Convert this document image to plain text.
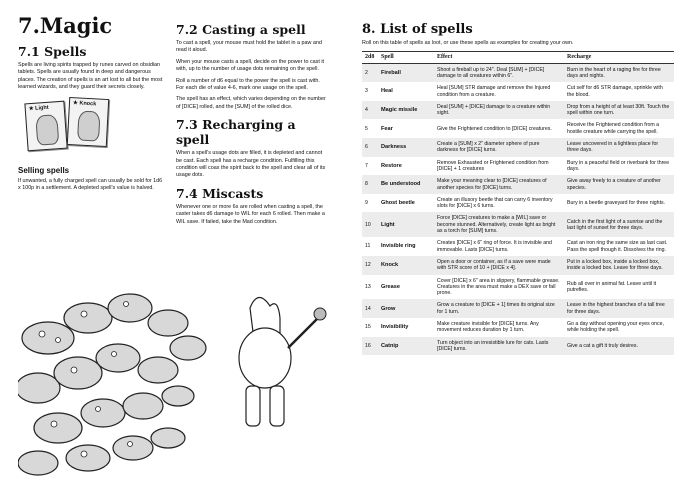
7.Magic
7.1 Spells

Spells are living spirits trapped by runes carved on obsidian tablets. Spells are usually found in deep and dangerous places. The creation of spells is an art lost to all but the most learned wizards, and they guard their secrets closely.

★ Light
★ Knock
Selling spells

If unwanted, a fully charged spell can usually be sold for 1d6 x 100p in a settlement. A depleted spell's value is halved.

7.2 Casting a spell

To cast a spell, your mouse must hold the tablet in a paw and read it aloud.

When your mouse casts a spell, decide on the power to cast it with, up to the number of usage dots remaining on the spell.

Roll a number of d6 equal to the power the spell is cast with. For each die of value 4-6, mark one usage on the spell.

The spell has an effect, which varies depending on the number of [DICE] rolled, and the [SUM] of the rolled dice.

7.3 Recharging a spell

When a spell's usage dots are filled, it is depleted and cannot be cast. Each spell has a recharge condition. Fulfilling this condition will coax the spirit back to the spell and clear all of its usage dots.

7.4 Miscasts

Whenever one or more 6s are rolled when casting a spell, the caster takes d6 damage to WIL for each 6 rolled. Then make a WIL save. If failed, take the Mad condition.

8. List of spells

Roll on this table of spells as loot, or use these spells as examples for creating your own.

2d8	Spell	Effect	Recharge
2	Fireball	Shoot a fireball up to 24". Deal [SUM] + [DICE] damage to all creatures within 6".	Burn in the heart of a raging fire for three days and nights.
3	Heal	Heal [SUM] STR damage and remove the Injured condition from a creature.	Cut self for d6 STR damage, sprinkle with the blood.
4	Magic missile	Deal [SUM] + [DICE] damage to a creature within sight.	Drop from a height of at least 30ft. Touch the spell within one turn.
5	Fear	Give the Frightened condition to [DICE] creatures.	Receive the Frightened condition from a hostile creature while carrying the spell.
6	Darkness	Create a [SUM] x 2" diameter sphere of pure darkness for [DICE] turns.	Leave uncovered in a lightless place for three days.
7	Restore	Remove Exhausted or Frightened condition from [DICE] + 1 creatures	Bury in a peaceful field or riverbank for three days.
8	Be understood	Make your meaning clear to [DICE] creatures of another species for [DICE] turns.	Give away freely to a creature of another species.
9	Ghost beetle	Create an illusory beetle that can carry 6 inventory slots for [DICE] x 6 turns.	Bury in a beetle graveyard for three nights.
10	Light	Force [DICE] creatures to make a [WIL] save or become stunned. Alternatively, create light as bright as a torch for [SUM] turns.	Catch in the first light of a sunrise and the last light of sunset for three days.
11	Invisible ring	Creates [DICE] x 6" ring of force. It is invisible and immovable. Lasts [DICE] turns.	Cast an iron ring the same size as last cast. Pass the spell though it. Dissolves the ring.
12	Knock	Open a door or container, as if a save were made with STR score of 10 + [DICE x 4].	Put in a locked box, inside a locked box, inside a locked box. Leave for three days.
13	Grease	Cover [DICE] x 6" area in slippery, flammable grease. Creatures in the area must make a DEX save or fall prone.	Rub all over in animal fat. Leave until it putrefies.
14	Grow	Grow a creature to [DICE + 1] times its original size for 1 turn.	Leave in the highest branches of a tall tree for three days.
15	Invisibility	Make creature invisible for [DICE] turns. Any movement reduces duration by 1 turn.	Go a day without opening your eyes once, while holding the spell.
16	Catnip	Turn object into an irresistible lure for cats. Lasts [DICE] turns.	Give a cat a gift it truly desires.
